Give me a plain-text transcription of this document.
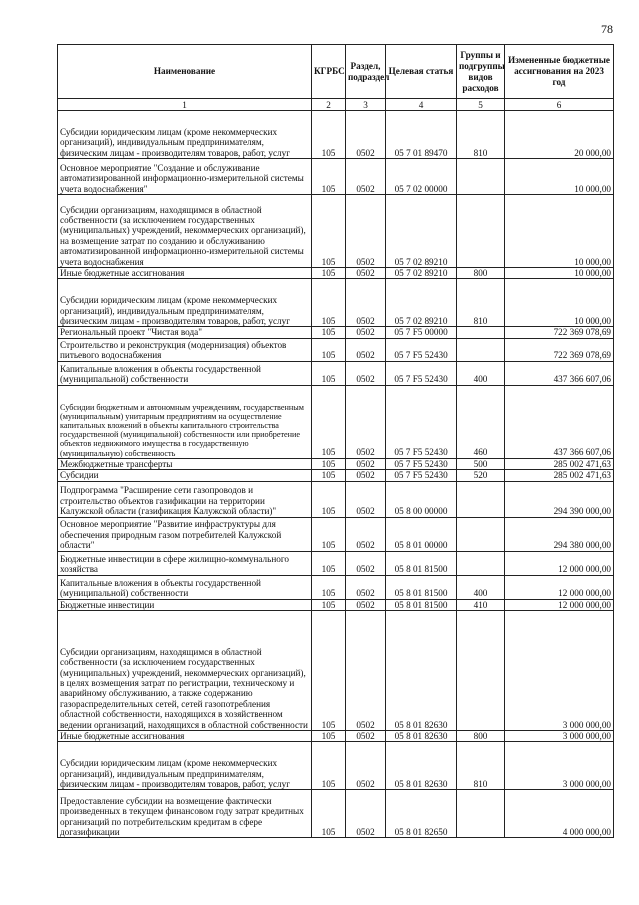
78
Наименование	КГРБС	Раздел, подраздел	Целевая статья	Группы и подгруппы видов расходов	Измененные бюджетные ассигнования на 2023 год
1	2	3	4	5	6
Субсидии юридическим лицам (кроме некоммерческих организаций), индивидуальным предпринимателям, физическим лицам - производителям товаров, работ, услуг	105	0502	05 7 01 89470	810	20 000,00
Основное мероприятие "Создание и обслуживание автоматизированной информационно-измерительной системы учета водоснабжения"	105	0502	05 7 02 00000		10 000,00
Субсидии организациям, находящимся в областной собственности (за исключением государственных (муниципальных) учреждений, некоммерческих организаций), на возмещение затрат по созданию и обслуживанию автоматизированной информационно-измерительной системы учета водоснабжения	105	0502	05 7 02 89210		10 000,00
Иные бюджетные ассигнования	105	0502	05 7 02 89210	800	10 000,00
Субсидии юридическим лицам (кроме некоммерческих организаций), индивидуальным предпринимателям, физическим лицам - производителям товаров, работ, услуг	105	0502	05 7 02 89210	810	10 000,00
Региональный проект "Чистая вода"	105	0502	05 7 F5 00000		722 369 078,69
Строительство и реконструкция (модернизация) объектов питьевого водоснабжения	105	0502	05 7 F5 52430		722 369 078,69
Капитальные вложения в объекты государственной (муниципальной) собственности	105	0502	05 7 F5 52430	400	437 366 607,06
Субсидии бюджетным и автономным учреждениям, государственным (муниципальным) унитарным предприятиям на осуществление капитальных вложений в объекты капитального строительства государственной (муниципальной) собственности или приобретение объектов недвижимого имущества в государственную (муниципальную) собственность	105	0502	05 7 F5 52430	460	437 366 607,06
Межбюджетные трансферты	105	0502	05 7 F5 52430	500	285 002 471,63
Субсидии	105	0502	05 7 F5 52430	520	285 002 471,63
Подпрограмма "Расширение сети газопроводов и строительство объектов газификации на территории Калужской области (газификация Калужской области)"	105	0502	05 8 00 00000		294 390 000,00
Основное мероприятие "Развитие инфраструктуры для обеспечения природным газом потребителей Калужской области"	105	0502	05 8 01 00000		294 380 000,00
Бюджетные инвестиции в сфере жилищно-коммунального хозяйства	105	0502	05 8 01 81500		12 000 000,00
Капитальные вложения в объекты государственной (муниципальной) собственности	105	0502	05 8 01 81500	400	12 000 000,00
Бюджетные инвестиции	105	0502	05 8 01 81500	410	12 000 000,00
Субсидии организациям, находящимся в областной собственности (за исключением государственных (муниципальных) учреждений, некоммерческих организаций), в целях возмещения затрат по регистрации, техническому и аварийному обслуживанию, а также содержанию газораспределительных сетей, сетей газопотребления областной собственности, находящихся в хозяйственном ведении организаций, находящихся в областной собственности	105	0502	05 8 01 82630		3 000 000,00
Иные бюджетные ассигнования	105	0502	05 8 01 82630	800	3 000 000,00
Субсидии юридическим лицам (кроме некоммерческих организаций), индивидуальным предпринимателям, физическим лицам - производителям товаров, работ, услуг	105	0502	05 8 01 82630	810	3 000 000,00
Предоставление субсидии на возмещение фактически произведенных в текущем финансовом году затрат кредитных организаций по потребительским кредитам в сфере догазификации	105	0502	05 8 01 82650		4 000 000,00
